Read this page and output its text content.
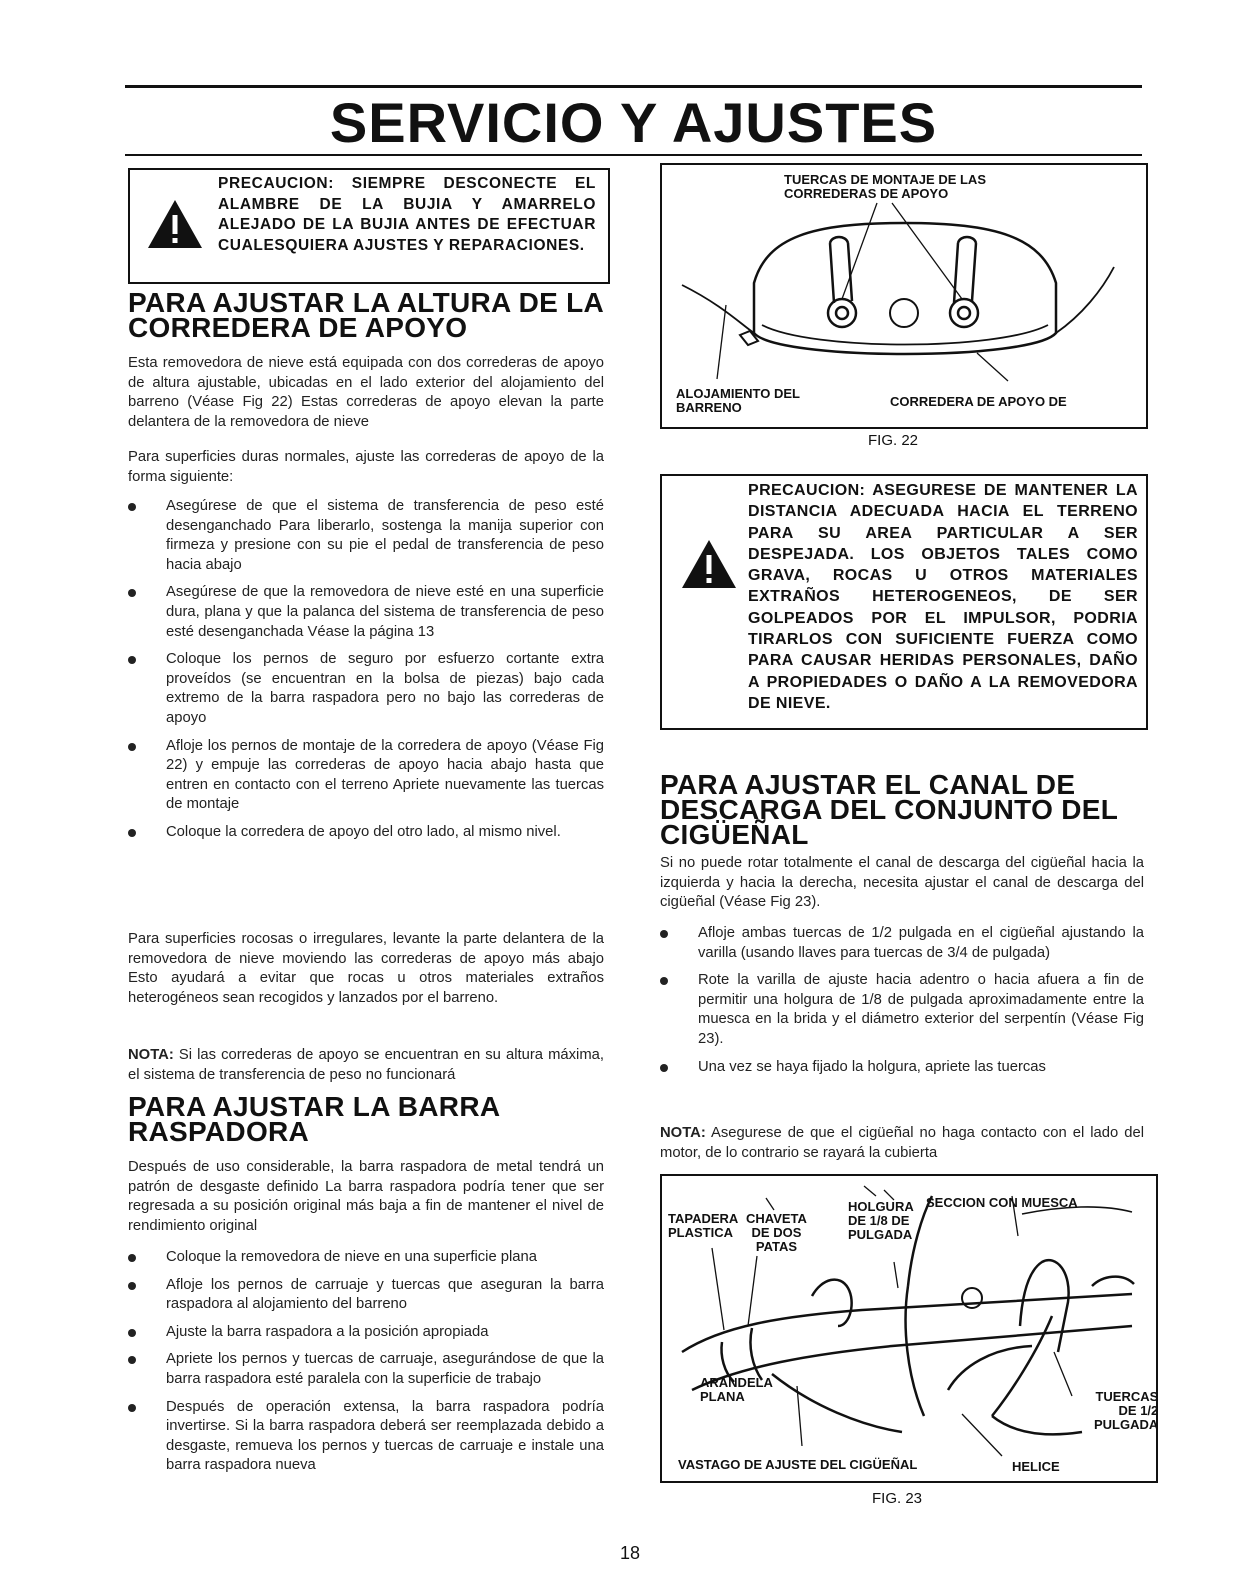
SERVICIO Y AJUSTES
PRECAUCION: SIEMPRE DESCONECTE EL ALAMBRE DE LA BUJIA Y AMARRELO ALEJADO DE LA BUJIA ANTES DE EFECTUAR CUALESQUIERA AJUSTES Y REPARACIONES.
PARA AJUSTAR LA ALTURA DE LA
CORREDERA DE APOYO

Esta removedora de nieve está equipada con dos correderas de apoyo de altura ajustable, ubicadas en el lado exterior del alojamiento del barreno (Véase Fig 22) Estas correderas de apoyo elevan la parte delantera de la removedora de nieve

Para superficies duras normales, ajuste las correderas de apoyo de la forma siguiente:

Asegúrese de que el sistema de transferencia de peso esté desenganchado Para liberarlo, sostenga la manija superior con firmeza y presione con su pie el pedal de transferencia de peso hacia abajo
Asegúrese de que la removedora de nieve esté en una superficie dura, plana y que la palanca del sistema de transferencia de peso esté desenganchada Véase la página 13
Coloque los pernos de seguro por esfuerzo cortante extra proveídos (se encuentran en la bolsa de piezas) bajo cada extremo de la barra raspadora pero no bajo las correderas de apoyo
Afloje los pernos de montaje de la corredera de apoyo (Véase Fig 22) y empuje las correderas de apoyo hacia abajo hasta que entren en contacto con el terreno Apriete nuevamente las tuercas de montaje
Coloque la corredera de apoyo del otro lado, al mismo nivel.

Para superficies rocosas o irregulares, levante la parte delantera de la removedora de nieve moviendo las correderas de apoyo más abajo Esto ayudará a evitar que rocas u otros materiales extraños heterogéneos sean recogidos y lanzados por el barreno.

NOTA: Si las correderas de apoyo se encuentran en su altura máxima, el sistema de transferencia de peso no funcionará

PARA AJUSTAR LA BARRA
RASPADORA

Después de uso considerable, la barra raspadora de metal tendrá un patrón de desgaste definido La barra raspadora podría tener que ser regresada a su posición original más baja a fin de mantener el nivel de rendimiento original

Coloque la removedora de nieve en una superficie plana
Afloje los pernos de carruaje y tuercas que aseguran la barra raspadora al alojamiento del barreno
Ajuste la barra raspadora a la posición apropiada
Apriete los pernos y tuercas de carruaje, asegurándose de que la barra raspadora esté paralela con la superficie de trabajo
Después de operación extensa, la barra raspadora podría invertirse. Si la barra raspadora deberá ser reemplazada debido a desgaste, remueva los pernos y tuercas de carruaje e instale una barra raspadora nueva
TUERCAS DE MONTAJE DE LAS
CORREDERAS DE APOYO
ALOJAMIENTO DEL
BARRENO	CORREDERA DE APOYO DE
FIG. 22
PRECAUCION: ASEGURESE DE MANTENER LA DISTANCIA ADECUADA HACIA EL TERRENO PARA SU AREA PARTICULAR A SER DESPEJADA. LOS OBJETOS TALES COMO GRAVA, ROCAS U OTROS MATERIALES EXTRAÑOS HETEROGENEOS, DE SER GOLPEADOS POR EL IMPULSOR, PODRIA TIRARLOS CON SUFICIENTE FUERZA COMO PARA CAUSAR HERIDAS PERSONALES, DAÑO A PROPIEDADES O DAÑO A LA REMOVEDORA DE NIEVE.
PARA AJUSTAR EL CANAL DE
DESCARGA DEL CONJUNTO DEL
CIGÜEÑAL

Si no puede rotar totalmente el canal de descarga del cigüeñal hacia la izquierda y hacia la derecha, necesita ajustar el canal de descarga del cigüeñal (Véase Fig 23).

Afloje ambas tuercas de 1/2 pulgada en el cigüeñal ajustando la varilla (usando llaves para tuercas de 3/4 de pulgada)
Rote la varilla de ajuste hacia adentro o hacia afuera a fin de permitir una holgura de 1/8 de pulgada aproximadamente entre la muesca en la brida y el diámetro exterior del serpentín (Véase Fig 23).
Una vez se haya fijado la holgura, apriete las tuercas

NOTA: Asegurese de que el cigüeñal no haga contacto con el lado del motor, de lo contrario se rayará la cubierta

SECCION CON MUESCA
TAPADERA
PLASTICA
CHAVETA
DE DOS
PATAS
HOLGURA
DE 1/8 DE
PULGADA
ARANDELA
PLANA	TUERCAS
DE 1/2
PULGADA
VASTAGO DE AJUSTE DEL CIGÜEÑAL	HELICE
FIG. 23
18
